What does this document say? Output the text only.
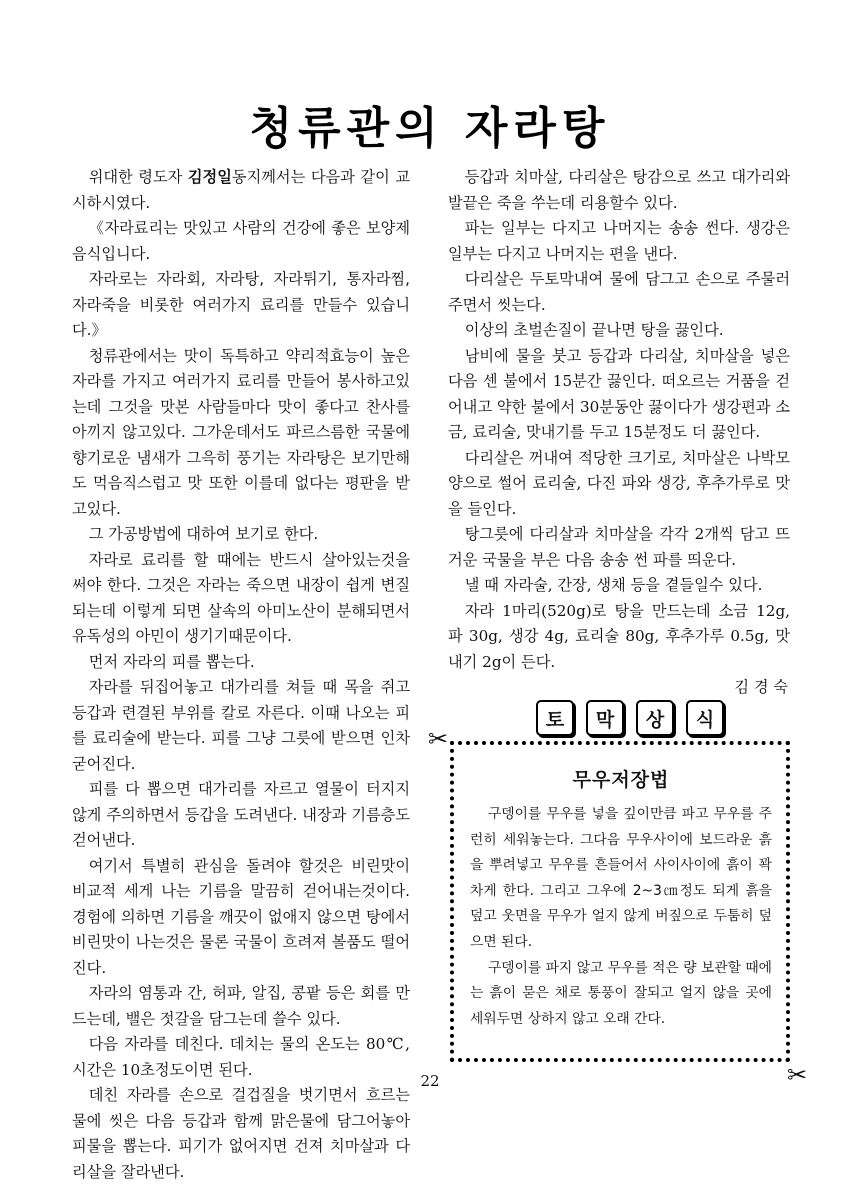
청류관의 자라탕

위대한 령도자 김정일동지께서는 다음과 같이 교시하시였다.

《자라료리는 맛있고 사람의 건강에 좋은 보양제음식입니다.

자라로는 자라회, 자라탕, 자라튀기, 통자라찜, 자라죽을 비롯한 여러가지 료리를 만들수 있습니다.》

청류관에서는 맛이 독특하고 약리적효능이 높은 자라를 가지고 여러가지 료리를 만들어 봉사하고있는데 그것을 맛본 사람들마다 맛이 좋다고 찬사를 아끼지 않고있다. 그가운데서도 파르스름한 국물에 향기로운 냄새가 그윽히 풍기는 자라탕은 보기만해도 먹음직스럽고 맛 또한 이를데 없다는 평판을 받고있다.

그 가공방법에 대하여 보기로 한다.

자라로 료리를 할 때에는 반드시 살아있는것을 써야 한다. 그것은 자라는 죽으면 내장이 쉽게 변질되는데 이렇게 되면 살속의 아미노산이 분해되면서 유독성의 아민이 생기기때문이다.

먼저 자라의 피를 뽑는다.

자라를 뒤집어놓고 대가리를 쳐들 때 목을 쥐고 등갑과 련결된 부위를 칼로 자른다. 이때 나오는 피를 료리술에 받는다. 피를 그냥 그릇에 받으면 인차 굳어진다.

피를 다 뽑으면 대가리를 자르고 열물이 터지지 않게 주의하면서 등갑을 도려낸다. 내장과 기름층도 걷어낸다.

여기서 특별히 관심을 돌려야 할것은 비린맛이 비교적 세게 나는 기름을 말끔히 걷어내는것이다. 경험에 의하면 기름을 깨끗이 없애지 않으면 탕에서 비린맛이 나는것은 물론 국물이 흐려져 볼품도 떨어진다.

자라의 염통과 간, 허파, 알집, 콩팥 등은 회를 만드는데, 밸은 젓갈을 담그는데 쓸수 있다.

다음 자라를 데친다. 데치는 물의 온도는 80℃, 시간은 10초정도이면 된다.

데친 자라를 손으로 걸겁질을 벗기면서 흐르는 물에 씻은 다음 등갑과 함께 맑은물에 담그어놓아 피물을 뽑는다. 피기가 없어지면 건져 치마살과 다리살을 잘라낸다.

등갑과 치마살, 다리살은 탕감으로 쓰고 대가리와 발끝은 죽을 쑤는데 리용할수 있다.

파는 일부는 다지고 나머지는 송송 썬다. 생강은 일부는 다지고 나머지는 편을 낸다.

다리살은 두토막내여 물에 담그고 손으로 주물러주면서 씻는다.

이상의 초벌손질이 끝나면 탕을 끓인다.

남비에 물을 붓고 등갑과 다리살, 치마살을 넣은 다음 센 불에서 15분간 끓인다. 떠오르는 거품을 걷어내고 약한 불에서 30분동안 끓이다가 생강편과 소금, 료리술, 맛내기를 두고 15분정도 더 끓인다.

다리살은 꺼내여 적당한 크기로, 치마살은 나박모양으로 썰어 료리술, 다진 파와 생강, 후추가루로 맛을 들인다.

탕그릇에 다리살과 치마살을 각각 2개씩 담고 뜨거운 국물을 부은 다음 송송 썬 파를 띄운다.

낼 때 자라술, 간장, 생채 등을 곁들일수 있다.

자라 1마리(520g)로 탕을 만드는데 소금 12g, 파 30g, 생강 4g, 료리술 80g, 후추가루 0.5g, 맛내기 2g이 든다.

김 경 숙

토	막	상	식
✂
무우저장법

구뎅이를 무우를 넣을 깊이만큼 파고 무우를 주런히 세워놓는다. 그다음 무우사이에 보드라운 흙을 뿌려넣고 무우를 흔들어서 사이사이에 흙이 꽉 차게 한다. 그리고 그우에 2~3㎝정도 되게 흙을 덮고 웃면을 무우가 얼지 않게 버짚으로 두툼히 덮으면 된다.

구뎅이를 파지 않고 무우를 적은 량 보관할 때에는 흙이 묻은 채로 통풍이 잘되고 얼지 않을 곳에 세워두면 상하지 않고 오래 간다.

✂
22
